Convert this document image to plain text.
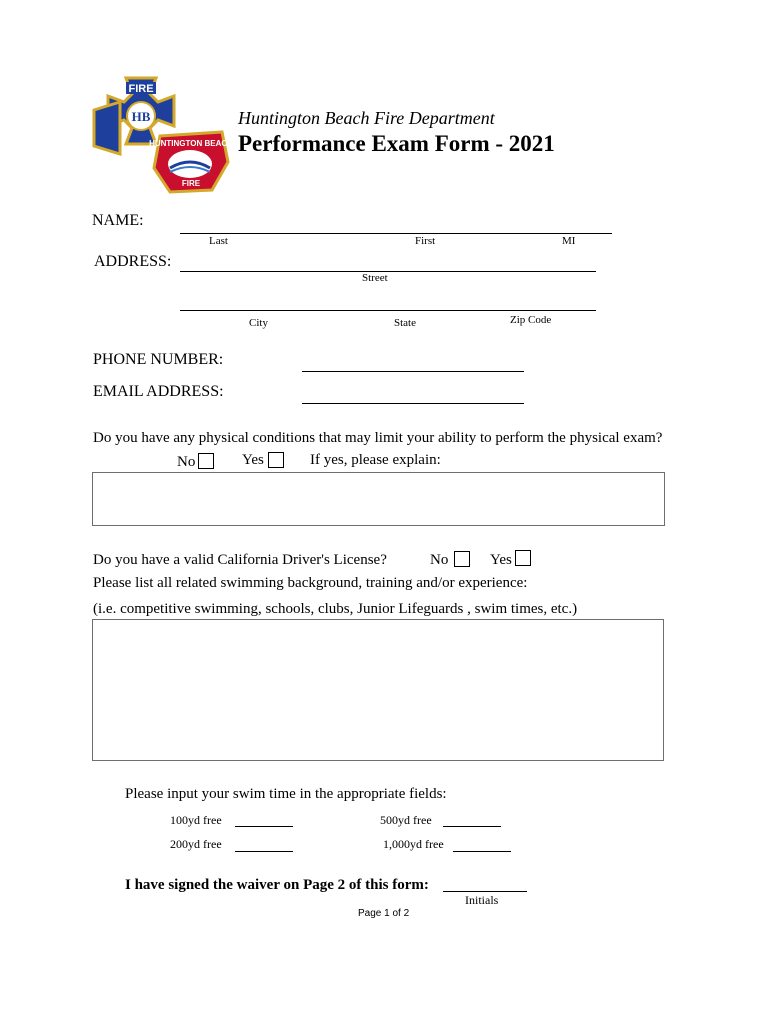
FIRE
HB
HUNTINGTON BEACH
FIRE
Huntington Beach Fire Department
Performance Exam Form - 2021
NAME:
Last	First	MI
ADDRESS:
Street
City	State	Zip Code
PHONE NUMBER:
EMAIL ADDRESS:
Do you have any physical conditions that may limit your ability to perform the physical exam?
No	Yes	If yes, please explain:
Do you have a valid California Driver's License?	No	Yes
Please list all related swimming background, training and/or experience:
(i.e. competitive swimming, schools, clubs, Junior Lifeguards , swim times, etc.)
Please input your swim time in the appropriate fields:
100yd free	500yd free
200yd free	1,000yd free
I have signed the waiver on Page 2 of this form:
Initials
Page 1 of 2
